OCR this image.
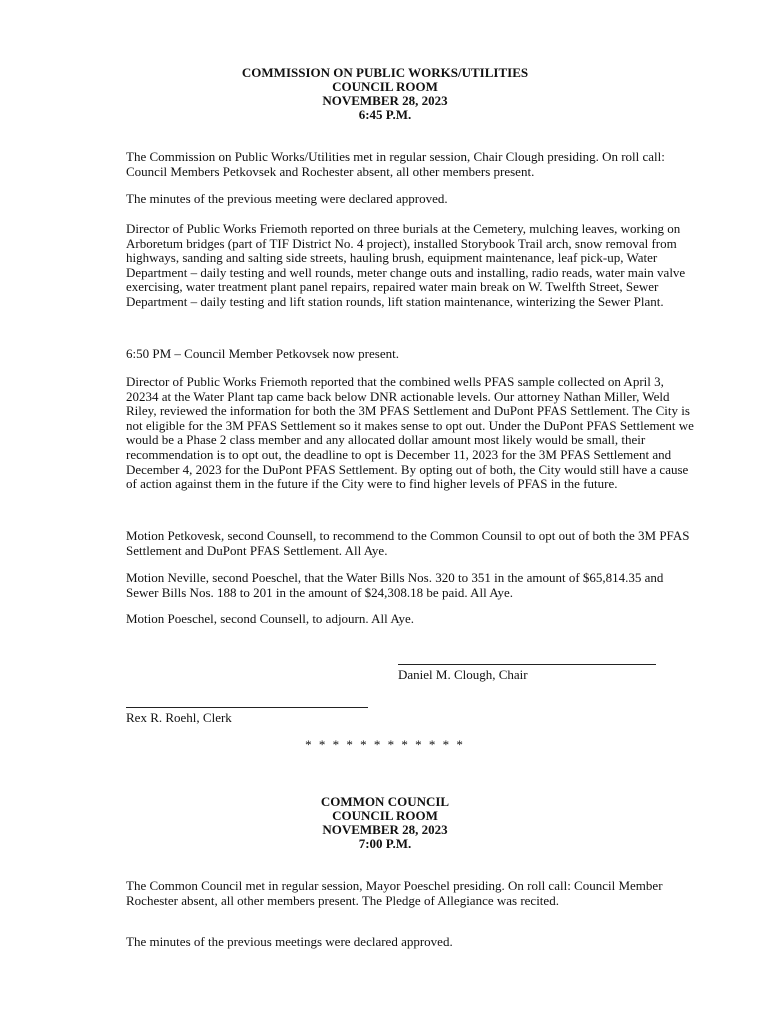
COMMISSION ON PUBLIC WORKS/UTILITIES
COUNCIL ROOM
NOVEMBER 28, 2023
6:45 P.M.

The Commission on Public Works/Utilities met in regular session, Chair Clough presiding. On roll call: Council Members Petkovsek and Rochester absent, all other members present.

The minutes of the previous meeting were declared approved.

Director of Public Works Friemoth reported on three burials at the Cemetery, mulching leaves, working on Arboretum bridges (part of TIF District No. 4 project), installed Storybook Trail arch, snow removal from highways, sanding and salting side streets, hauling brush, equipment maintenance, leaf pick-up, Water Department – daily testing and well rounds, meter change outs and installing, radio reads, water main valve exercising, water treatment plant panel repairs, repaired water main break on W. Twelfth Street, Sewer Department – daily testing and lift station rounds, lift station maintenance, winterizing the Sewer Plant.

6:50 PM – Council Member Petkovsek now present.

Director of Public Works Friemoth reported that the combined wells PFAS sample collected on April 3, 20234 at the Water Plant tap came back below DNR actionable levels. Our attorney Nathan Miller, Weld Riley, reviewed the information for both the 3M PFAS Settlement and DuPont PFAS Settlement. The City is not eligible for the 3M PFAS Settlement so it makes sense to opt out. Under the DuPont PFAS Settlement we would be a Phase 2 class member and any allocated dollar amount most likely would be small, their recommendation is to opt out, the deadline to opt is December 11, 2023 for the 3M PFAS Settlement and December 4, 2023 for the DuPont PFAS Settlement. By opting out of both, the City would still have a cause of action against them in the future if the City were to find higher levels of PFAS in the future.

Motion Petkovesk, second Counsell, to recommend to the Common Counsil to opt out of both the 3M PFAS Settlement and DuPont PFAS Settlement. All Aye.

Motion Neville, second Poeschel, that the Water Bills Nos. 320 to 351 in the amount of $65,814.35 and Sewer Bills Nos. 188 to 201 in the amount of $24,308.18 be paid. All Aye.

Motion Poeschel, second Counsell, to adjourn. All Aye.

Daniel M. Clough, Chair
Rex R. Roehl, Clerk
* * * * * * * * * * * *
COMMON COUNCIL
COUNCIL ROOM
NOVEMBER 28, 2023
7:00 P.M.

The Common Council met in regular session, Mayor Poeschel presiding. On roll call: Council Member Rochester absent, all other members present. The Pledge of Allegiance was recited.

The minutes of the previous meetings were declared approved.
